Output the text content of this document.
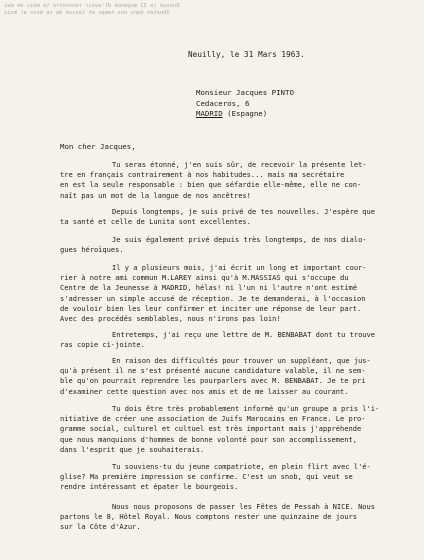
Encoyé le 31 moyenné dl'avoir rencontré le mois de mai
Ibnelés dans nos temps et laissé de ce mois al mois
Neuilly, le 31 Mars 1963.
Monsieur Jacques PINTO
Cedaceros, 6
MADRID (Espagne)
Mon cher Jacques,
Tu seras étonné, j'en suis sûr, de recevoir la présente let-
tre en français contrairement à nos habitudes... mais ma secrétaire
en est la seule responsable : bien que séfardie elle-même, elle ne con-
naît pas un mot de la langue de nos ancêtres!
Depuis longtemps, je suis privé de tes nouvelles. J'espère que
ta santé et celle de Lunita sont excellentes.
Je suis également privé depuis très longtemps, de nos dialo-
gues héroïques.
Il y a plusieurs mois, j'ai écrit un long et important cour-
rier à notre ami commun M.LAREY ainsi qu'à M.MASSIAS qui s'occupe du
Centre de la Jeunesse à MADRID, hélas! ni l'un ni l'autre n'ont estimé
s'adresser un simple accusé de réception. Je te demanderai, à l'occasion
de vouloir bien les leur confirmer et inciter une réponse de leur part.
Avec des procédés semblables, nous n'irons pas loin!
Entretemps, j'ai reçu une lettre de M. BENBABAT dont tu trouve
ras copie ci-jointe.
En raison des difficultés pour trouver un suppléant, que jus-
qu'à présent il ne s'est présenté aucune candidature valable, il ne sem-
ble qu'on pourrait reprendre les pourparlers avec M. BENBABAT. Je te pri
d'examiner cette question avec nos amis et de me laisser au courant.
Tu dois être très probablement informé qu'un groupe a pris l'i-
nitiative de créer une association de Juifs Marocains en France. Le pro-
gramme social, culturel et cultuel est très important mais j'appréhende
que nous manquions d'hommes de bonne volonté pour son accomplissement,
dans l'esprit que je souhaiterais.
Tu souviens-tu du jeune compatriote, en plein flirt avec l'é-
glise? Ma première impression se confirme. C'est un snob, qui veut se
rendre intéressant et épater le bourgeois.
Nous nous proposons de passer les Fêtes de Pessah à NICE. Nous
partons le 8, Hôtel Royal. Nous comptons rester une quinzaine de jours
sur la Côte d'Azur.
